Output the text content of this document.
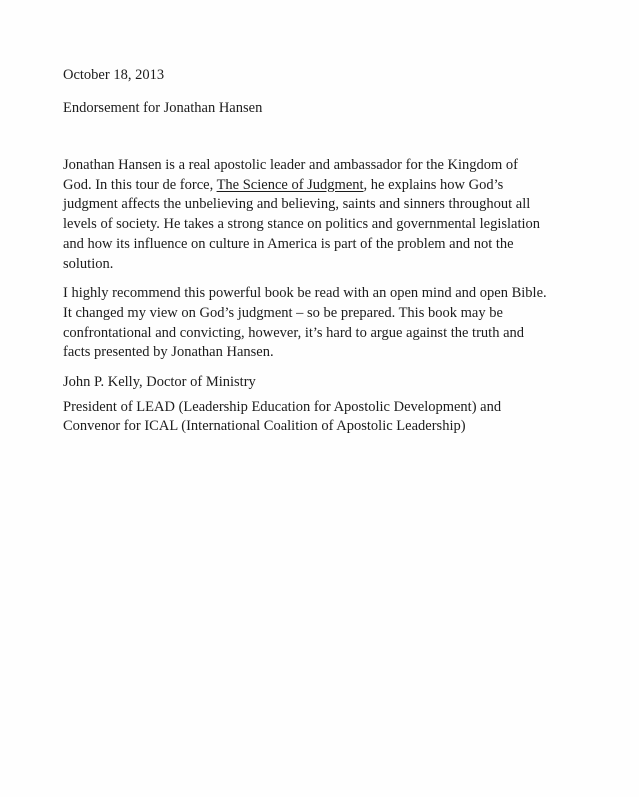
October 18, 2013
Endorsement for Jonathan Hansen
Jonathan Hansen is a real apostolic leader and ambassador for the Kingdom of
God. In this tour de force, The Science of Judgment, he explains how God’s
judgment affects the unbelieving and believing, saints and sinners throughout all
levels of society. He takes a strong stance on politics and governmental legislation
and how its influence on culture in America is part of the problem and not the
solution.
I highly recommend this powerful book be read with an open mind and open Bible.
It changed my view on God’s judgment – so be prepared. This book may be
confrontational and convicting, however, it’s hard to argue against the truth and
facts presented by Jonathan Hansen.
John P. Kelly, Doctor of Ministry
President of LEAD (Leadership Education for Apostolic Development) and
Convenor for ICAL (International Coalition of Apostolic Leadership)
